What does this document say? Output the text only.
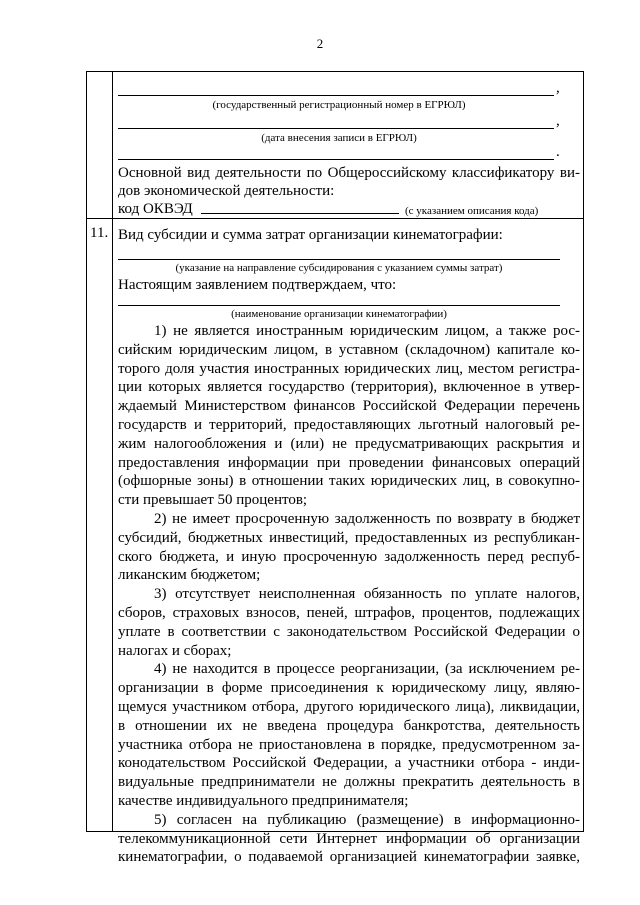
2
,
(государственный регистрационный номер в ЕГРЮЛ)
,
(дата внесения записи в ЕГРЮЛ)
.
Основной вид деятельности по Общероссийскому классификатору ви-
дов экономической деятельности:
код ОКВЭД	(с указанием описания кода)
11. Вид субсидии и сумма затрат организации кинематографии:
(указание на направление субсидирования с указанием суммы затрат)
Настоящим заявлением подтверждаем, что:
(наименование организации кинематографии)
1) не является иностранным юридическим лицом, а также рос-
сийским юридическим лицом, в уставном (складочном) капитале ко-
торого доля участия иностранных юридических лиц, местом регистра-
ции которых является государство (территория), включенное в утвер-
ждаемый Министерством финансов Российской Федерации перечень
государств и территорий, предоставляющих льготный налоговый ре-
жим налогообложения и (или) не предусматривающих раскрытия и
предоставления информации при проведении финансовых операций
(офшорные зоны) в отношении таких юридических лиц, в совокупно-
сти превышает 50 процентов;
2) не имеет просроченную задолженность по возврату в бюджет
субсидий, бюджетных инвестиций, предоставленных из республикан-
ского бюджета, и иную просроченную задолженность перед респуб-
ликанским бюджетом;
3) отсутствует неисполненная обязанность по уплате налогов,
сборов, страховых взносов, пеней, штрафов, процентов, подлежащих
уплате в соответствии с законодательством Российской Федерации о
налогах и сборах;
4) не находится в процессе реорганизации, (за исключением ре-
организации в форме присоединения к юридическому лицу, являю-
щемуся участником отбора, другого юридического лица), ликвидации,
в отношении их не введена процедура банкротства, деятельность
участника отбора не приостановлена в порядке, предусмотренном за-
конодательством Российской Федерации, а участники отбора - инди-
видуальные предприниматели не должны прекратить деятельность в
качестве индивидуального предпринимателя;
5) согласен на публикацию (размещение) в информационно-
телекоммуникационной сети Интернет информации об организации
кинематографии, о подаваемой организацией кинематографии заявке,
